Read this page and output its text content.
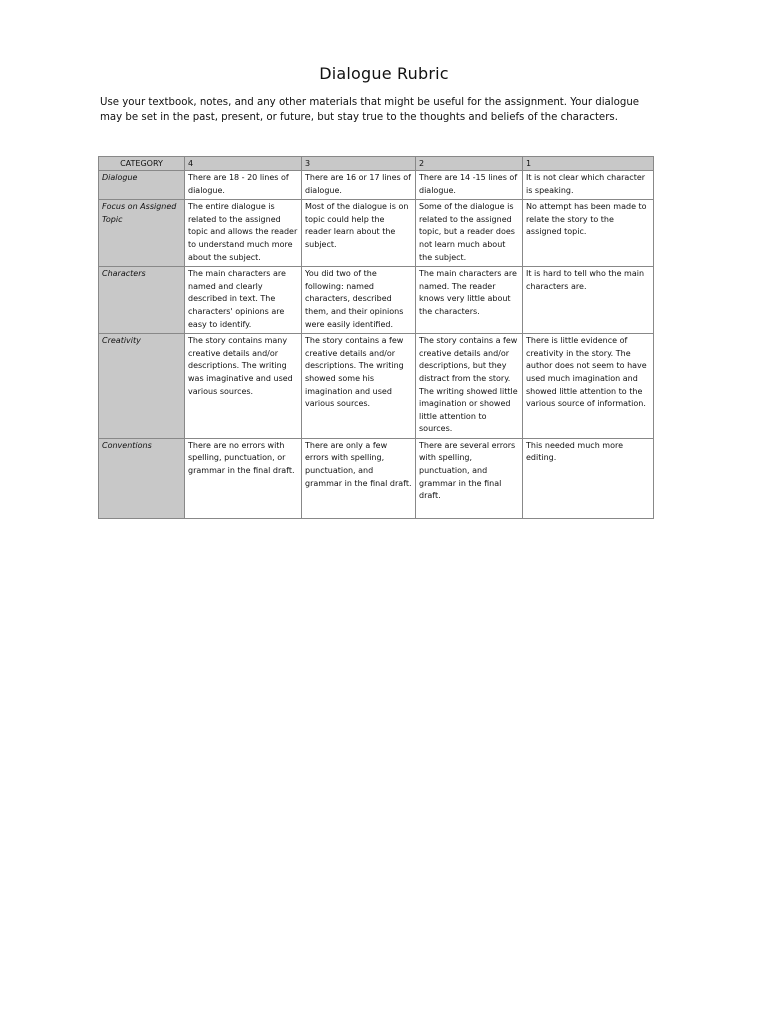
Dialogue Rubric

Use your textbook, notes, and any other materials that might be useful for the assignment. Your dialogue may be set in the past, present, or future, but stay true to the thoughts and beliefs of the characters.

CATEGORY	4	3	2	1
Dialogue	There are 18 - 20 lines of dialogue.	There are 16 or 17 lines of dialogue.	There are 14 -15 lines of dialogue.	It is not clear which character is speaking.
Focus on Assigned Topic	The entire dialogue is related to the assigned topic and allows the reader to understand much more about the subject.	Most of the dialogue is on topic could help the reader learn about the subject.	Some of the dialogue is related to the assigned topic, but a reader does not learn much about the subject.	No attempt has been made to relate the story to the assigned topic.
Characters	The main characters are named and clearly described in text. The characters' opinions are easy to identify.	You did two of the following: named characters, described them, and their opinions were easily identified.	The main characters are named. The reader knows very little about the characters.	It is hard to tell who the main characters are.
Creativity	The story contains many creative details and/or descriptions. The writing was imaginative and used various sources.	The story contains a few creative details and/or descriptions. The writing showed some his imagination and used various sources.	The story contains a few creative details and/or descriptions, but they distract from the story. The writing showed little imagination or showed little attention to sources.	There is little evidence of creativity in the story. The author does not seem to have used much imagination and showed little attention to the various source of information.
Conventions	There are no errors with spelling, punctuation, or grammar in the final draft.	There are only a few errors with spelling, punctuation, and grammar in the final draft.	There are several errors with spelling, punctuation, and grammar in the final draft.	This needed much more editing.
